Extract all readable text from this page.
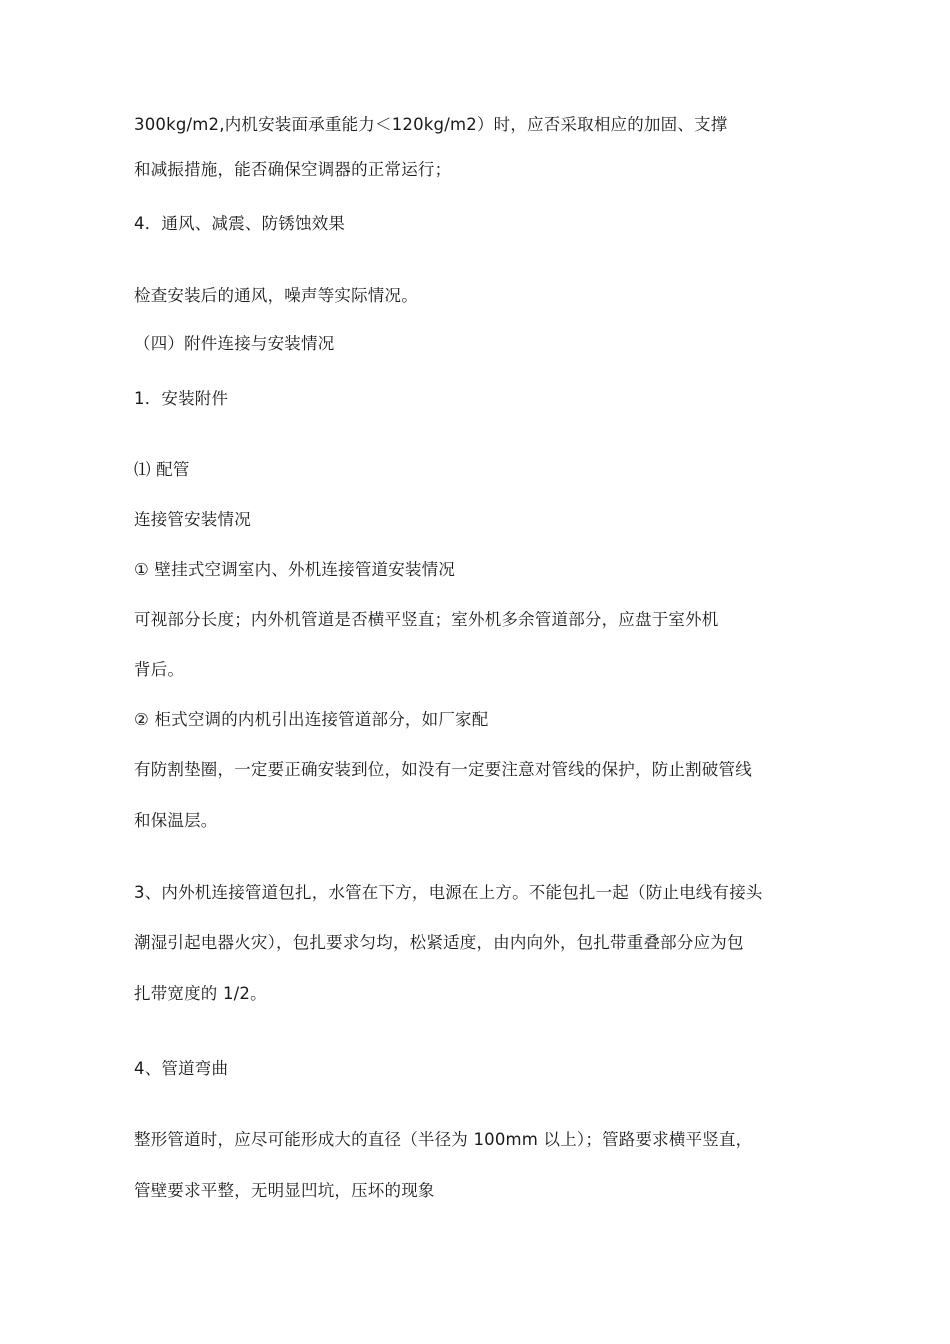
300kg/m2,内机安装面承重能力＜120kg/m2）时，应否采取相应的加固、支撑
和减振措施，能否确保空调器的正常运行；
4．通风、减震、防锈蚀效果
检查安装后的通风，噪声等实际情况。
（四）附件连接与安装情况
1．安装附件
⑴ 配管
连接管安装情况
① 壁挂式空调室内、外机连接管道安装情况
可视部分长度；内外机管道是否横平竖直；室外机多余管道部分，应盘于室外机
背后。
② 柜式空调的内机引出连接管道部分，如厂家配
有防割垫圈，一定要正确安装到位，如没有一定要注意对管线的保护，防止割破管线
和保温层。
3、内外机连接管道包扎，水管在下方，电源在上方。不能包扎一起（防止电线有接头
潮湿引起电器火灾），包扎要求匀均，松紧适度，由内向外，包扎带重叠部分应为包
扎带宽度的 1/2。
4、管道弯曲
整形管道时，应尽可能形成大的直径（半径为 100mm 以上）；管路要求横平竖直，
管壁要求平整，无明显凹坑，压坏的现象
